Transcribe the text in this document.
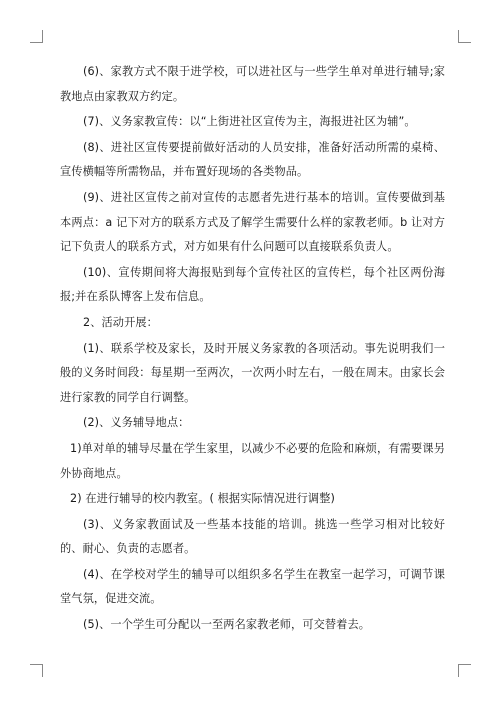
(6)、家教方式不限于进学校，可以进社区与一些学生单对单进行辅导;家教地点由家教双方约定。

(7)、义务家教宣传：以“上街进社区宣传为主，海报进社区为辅”。

(8)、进社区宣传要提前做好活动的人员安排，准备好活动所需的桌椅、宣传横幅等所需物品，并布置好现场的各类物品。

(9)、进社区宣传之前对宣传的志愿者先进行基本的培训。宣传要做到基本两点：a 记下对方的联系方式及了解学生需要什么样的家教老师。b 让对方记下负责人的联系方式，对方如果有什么问题可以直接联系负责人。

(10)、宣传期间将大海报贴到每个宣传社区的宣传栏，每个社区两份海报;并在系队博客上发布信息。

2、活动开展：

(1)、联系学校及家长，及时开展义务家教的各项活动。事先说明我们一般的义务时间段：每星期一至两次，一次两小时左右，一般在周末。由家长会进行家教的同学自行调整。

(2)、义务辅导地点：

1)单对单的辅导尽量在学生家里，以减少不必要的危险和麻烦，有需要课另外协商地点。

2) 在进行辅导的校内教室。( 根据实际情况进行调整)

(3)、义务家教面试及一些基本技能的培训。挑选一些学习相对比较好的、耐心、负责的志愿者。

(4)、在学校对学生的辅导可以组织多名学生在教室一起学习，可调节课堂气氛，促进交流。

(5)、一个学生可分配以一至两名家教老师，可交替着去。
